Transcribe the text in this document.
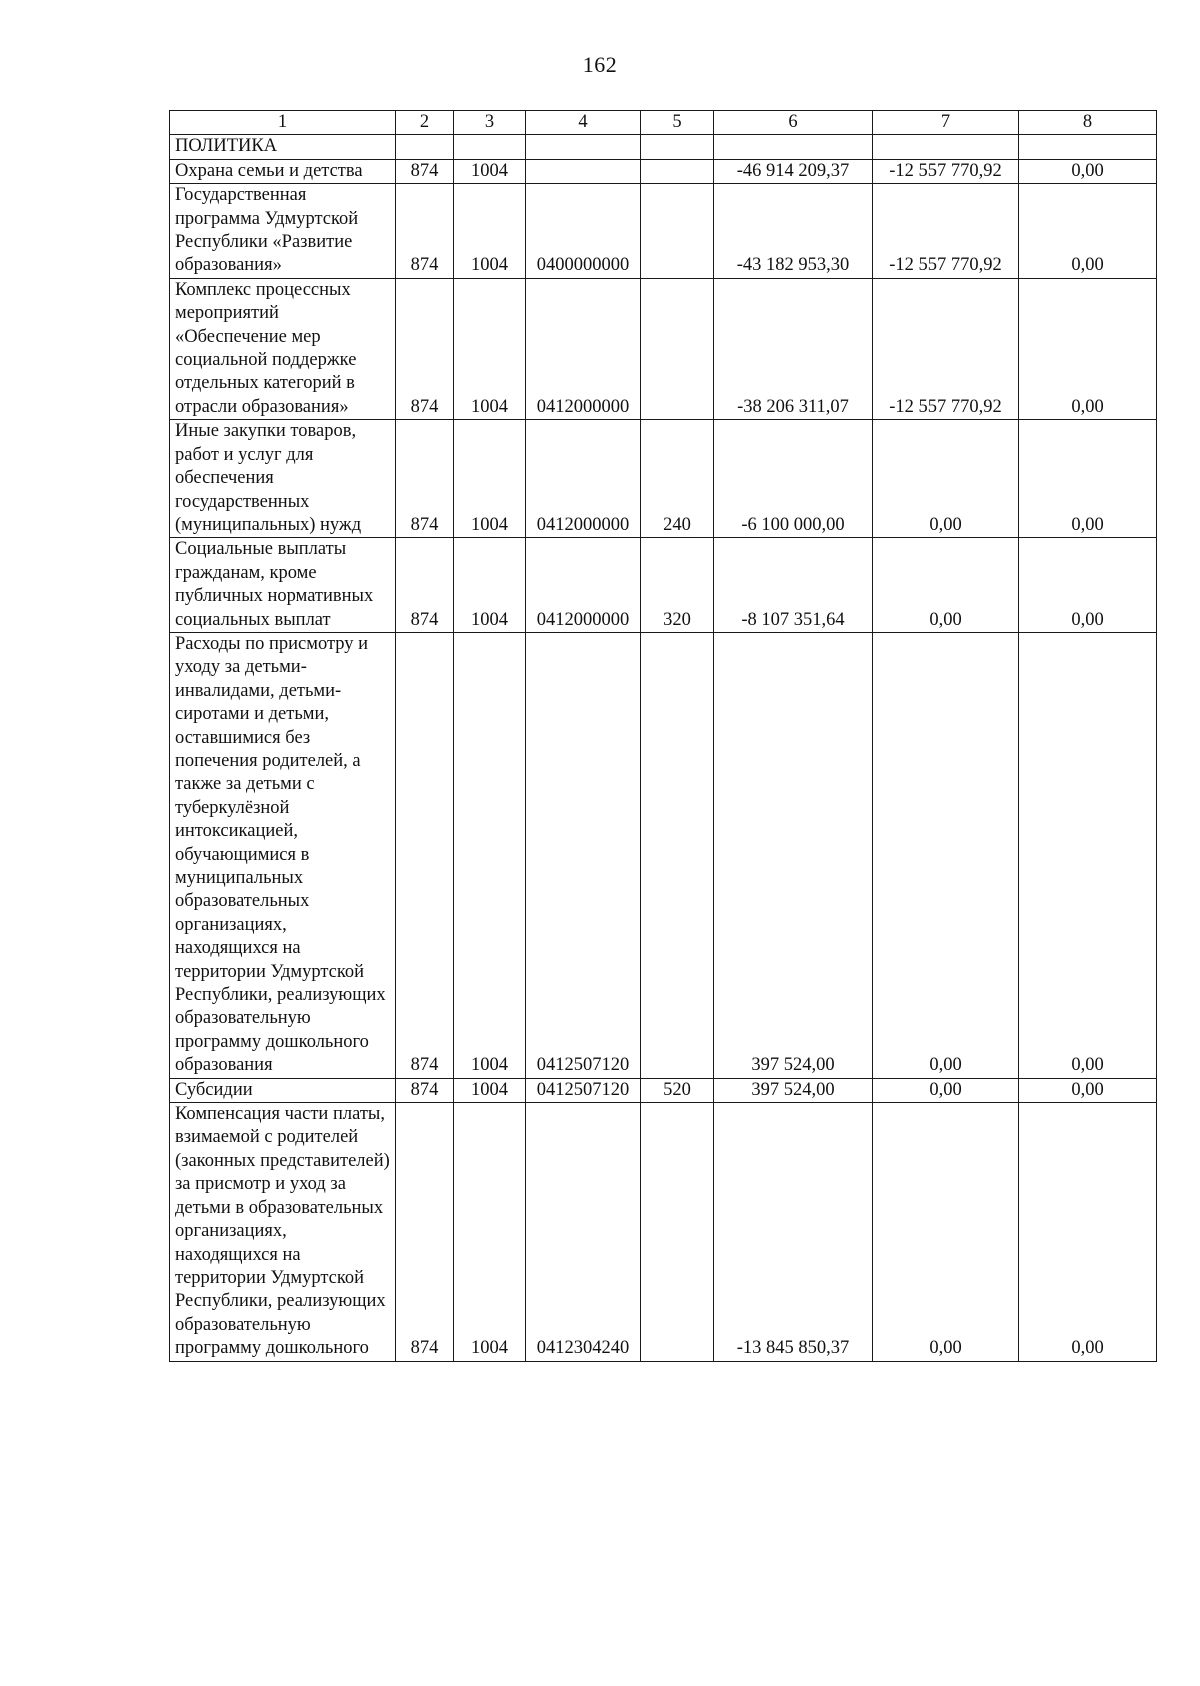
162
1	2	3	4	5	6	7	8
ПОЛИТИКА							
Охрана семьи и детства	874	1004			-46 914 209,37	-12 557 770,92	0,00
Государственная программа Удмуртской Республики «Развитие образования»	874	1004	0400000000		-43 182 953,30	-12 557 770,92	0,00
Комплекс процессных мероприятий «Обеспечение мер социальной поддержке отдельных категорий в отрасли образования»	874	1004	0412000000		-38 206 311,07	-12 557 770,92	0,00
Иные закупки товаров, работ и услуг для обеспечения государственных (муниципальных) нужд	874	1004	0412000000	240	-6 100 000,00	0,00	0,00
Социальные выплаты гражданам, кроме публичных нормативных социальных выплат	874	1004	0412000000	320	-8 107 351,64	0,00	0,00
Расходы по присмотру и уходу за детьми-инвалидами, детьми-сиротами и детьми, оставшимися без попечения родителей, а также за детьми с туберкулёзной интоксикацией, обучающимися в муниципальных образовательных организациях, находящихся на территории Удмуртской Республики, реализующих образовательную программу дошкольного образования	874	1004	0412507120		397 524,00	0,00	0,00
Субсидии	874	1004	0412507120	520	397 524,00	0,00	0,00
Компенсация части платы, взимаемой с родителей (законных представителей) за присмотр и уход за детьми в образовательных организациях, находящихся на территории Удмуртской Республики, реализующих образовательную программу дошкольного	874	1004	0412304240		-13 845 850,37	0,00	0,00
